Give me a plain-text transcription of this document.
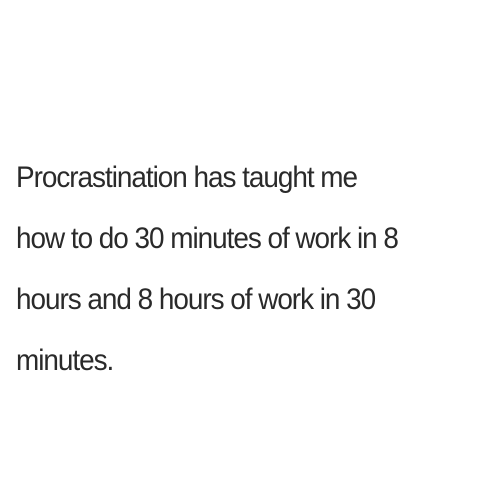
Procrastination has taught me
how to do 30 minutes of work in 8
hours and 8 hours of work in 30
minutes.
